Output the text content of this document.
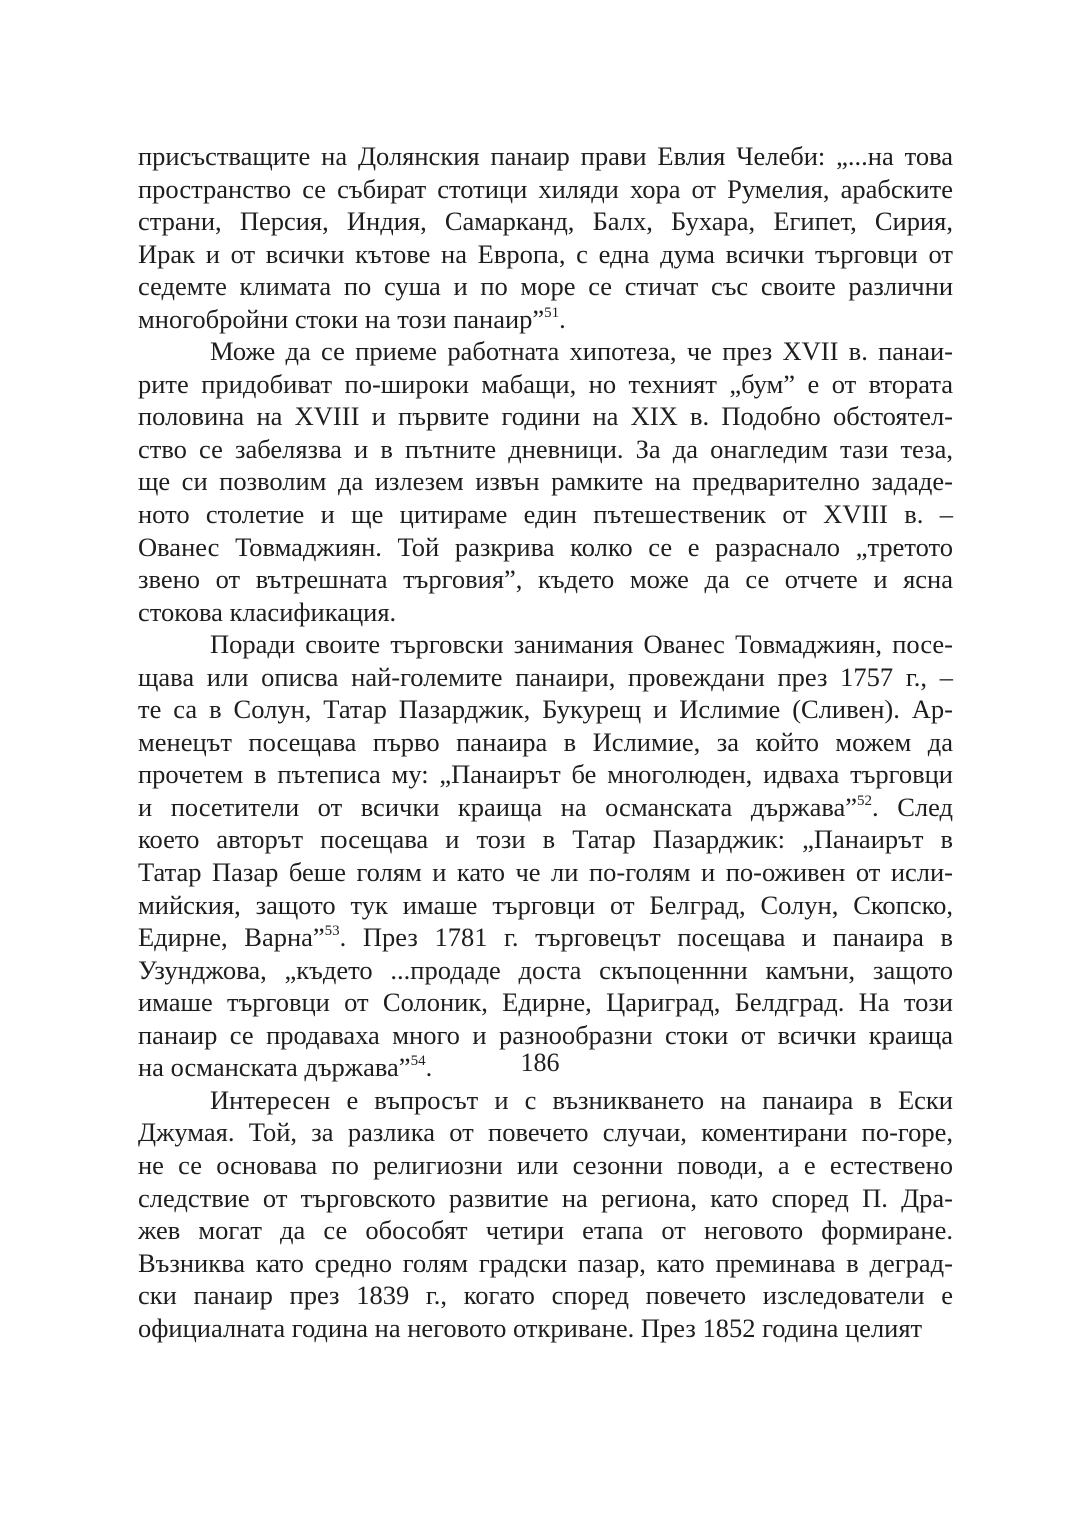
присъстващите на Долянския панаир прави Евлия Челеби: „...на това
пространство се събират стотици хиляди хора от Румелия, арабските
страни, Персия, Индия, Самарканд, Балх, Бухара, Египет, Сирия,
Ирак и от всички кътове на Европа, с една дума всички търговци от
седемте климата по суша и по море се стичат със своите различни
многобройни стоки на този панаир”$^{51}$.
Може да се приеме работната хипотеза, че през XVII в. панаи-
рите придобиват по-широки мабащи, но техният „бум” е от втората
половина на XVIII и първите години на XIX в. Подобно обстоятел-
ство се забелязва и в пътните дневници. За да онагледим тази теза,
ще си позволим да излезем извън рамките на предварително зададе-
ното столетие и ще цитираме един пътешественик от XVIII в. –
Ованес Товмаджиян. Той разкрива колко се е разраснало „третото
звено от вътрешната търговия”, където може да се отчете и ясна
стокова класификация.
Поради своите търговски занимания Ованес Товмаджиян, посе-
щава или описва най-големите панаири, провеждани през 1757 г., –
те са в Солун, Татар Пазарджик, Букурещ и Ислимие (Сливен). Ар-
менецът посещава първо панаира в Ислимие, за който можем да
прочетем в пътеписа му: „Панаирът бе многолюден, идваха търговци
и посетители от всички краища на османската държава”$^{52}$. След
което авторът посещава и този в Татар Пазарджик: „Панаирът в
Татар Пазар беше голям и като че ли по-голям и по-оживен от исли-
мийския, защото тук имаше търговци от Белград, Солун, Скопско,
Едирне, Варна”$^{53}$. През 1781 г. търговецът посещава и панаира в
Узунджова, „където ...продаде доста скъпоценнни камъни, защото
имаше търговци от Солоник, Едирне, Цариград, Белдград. На този
панаир се продаваха много и разнообразни стоки от всички краища
на османската държава”$^{54}$.
Интересен е въпросът и с възникването на панаира в Ески
Джумая. Той, за разлика от повечето случаи, коментирани по-горе,
не се основава по религиозни или сезонни поводи, а е естествено
следствие от търговското развитие на региона, като според П. Дра-
жев могат да се обособят четири етапа от неговото формиране.
Възниква като средно голям градски пазар, като преминава в деград-
ски панаир през 1839 г., когато според повечето изследователи е
официалната година на неговото откриване. През 1852 година целият
186
